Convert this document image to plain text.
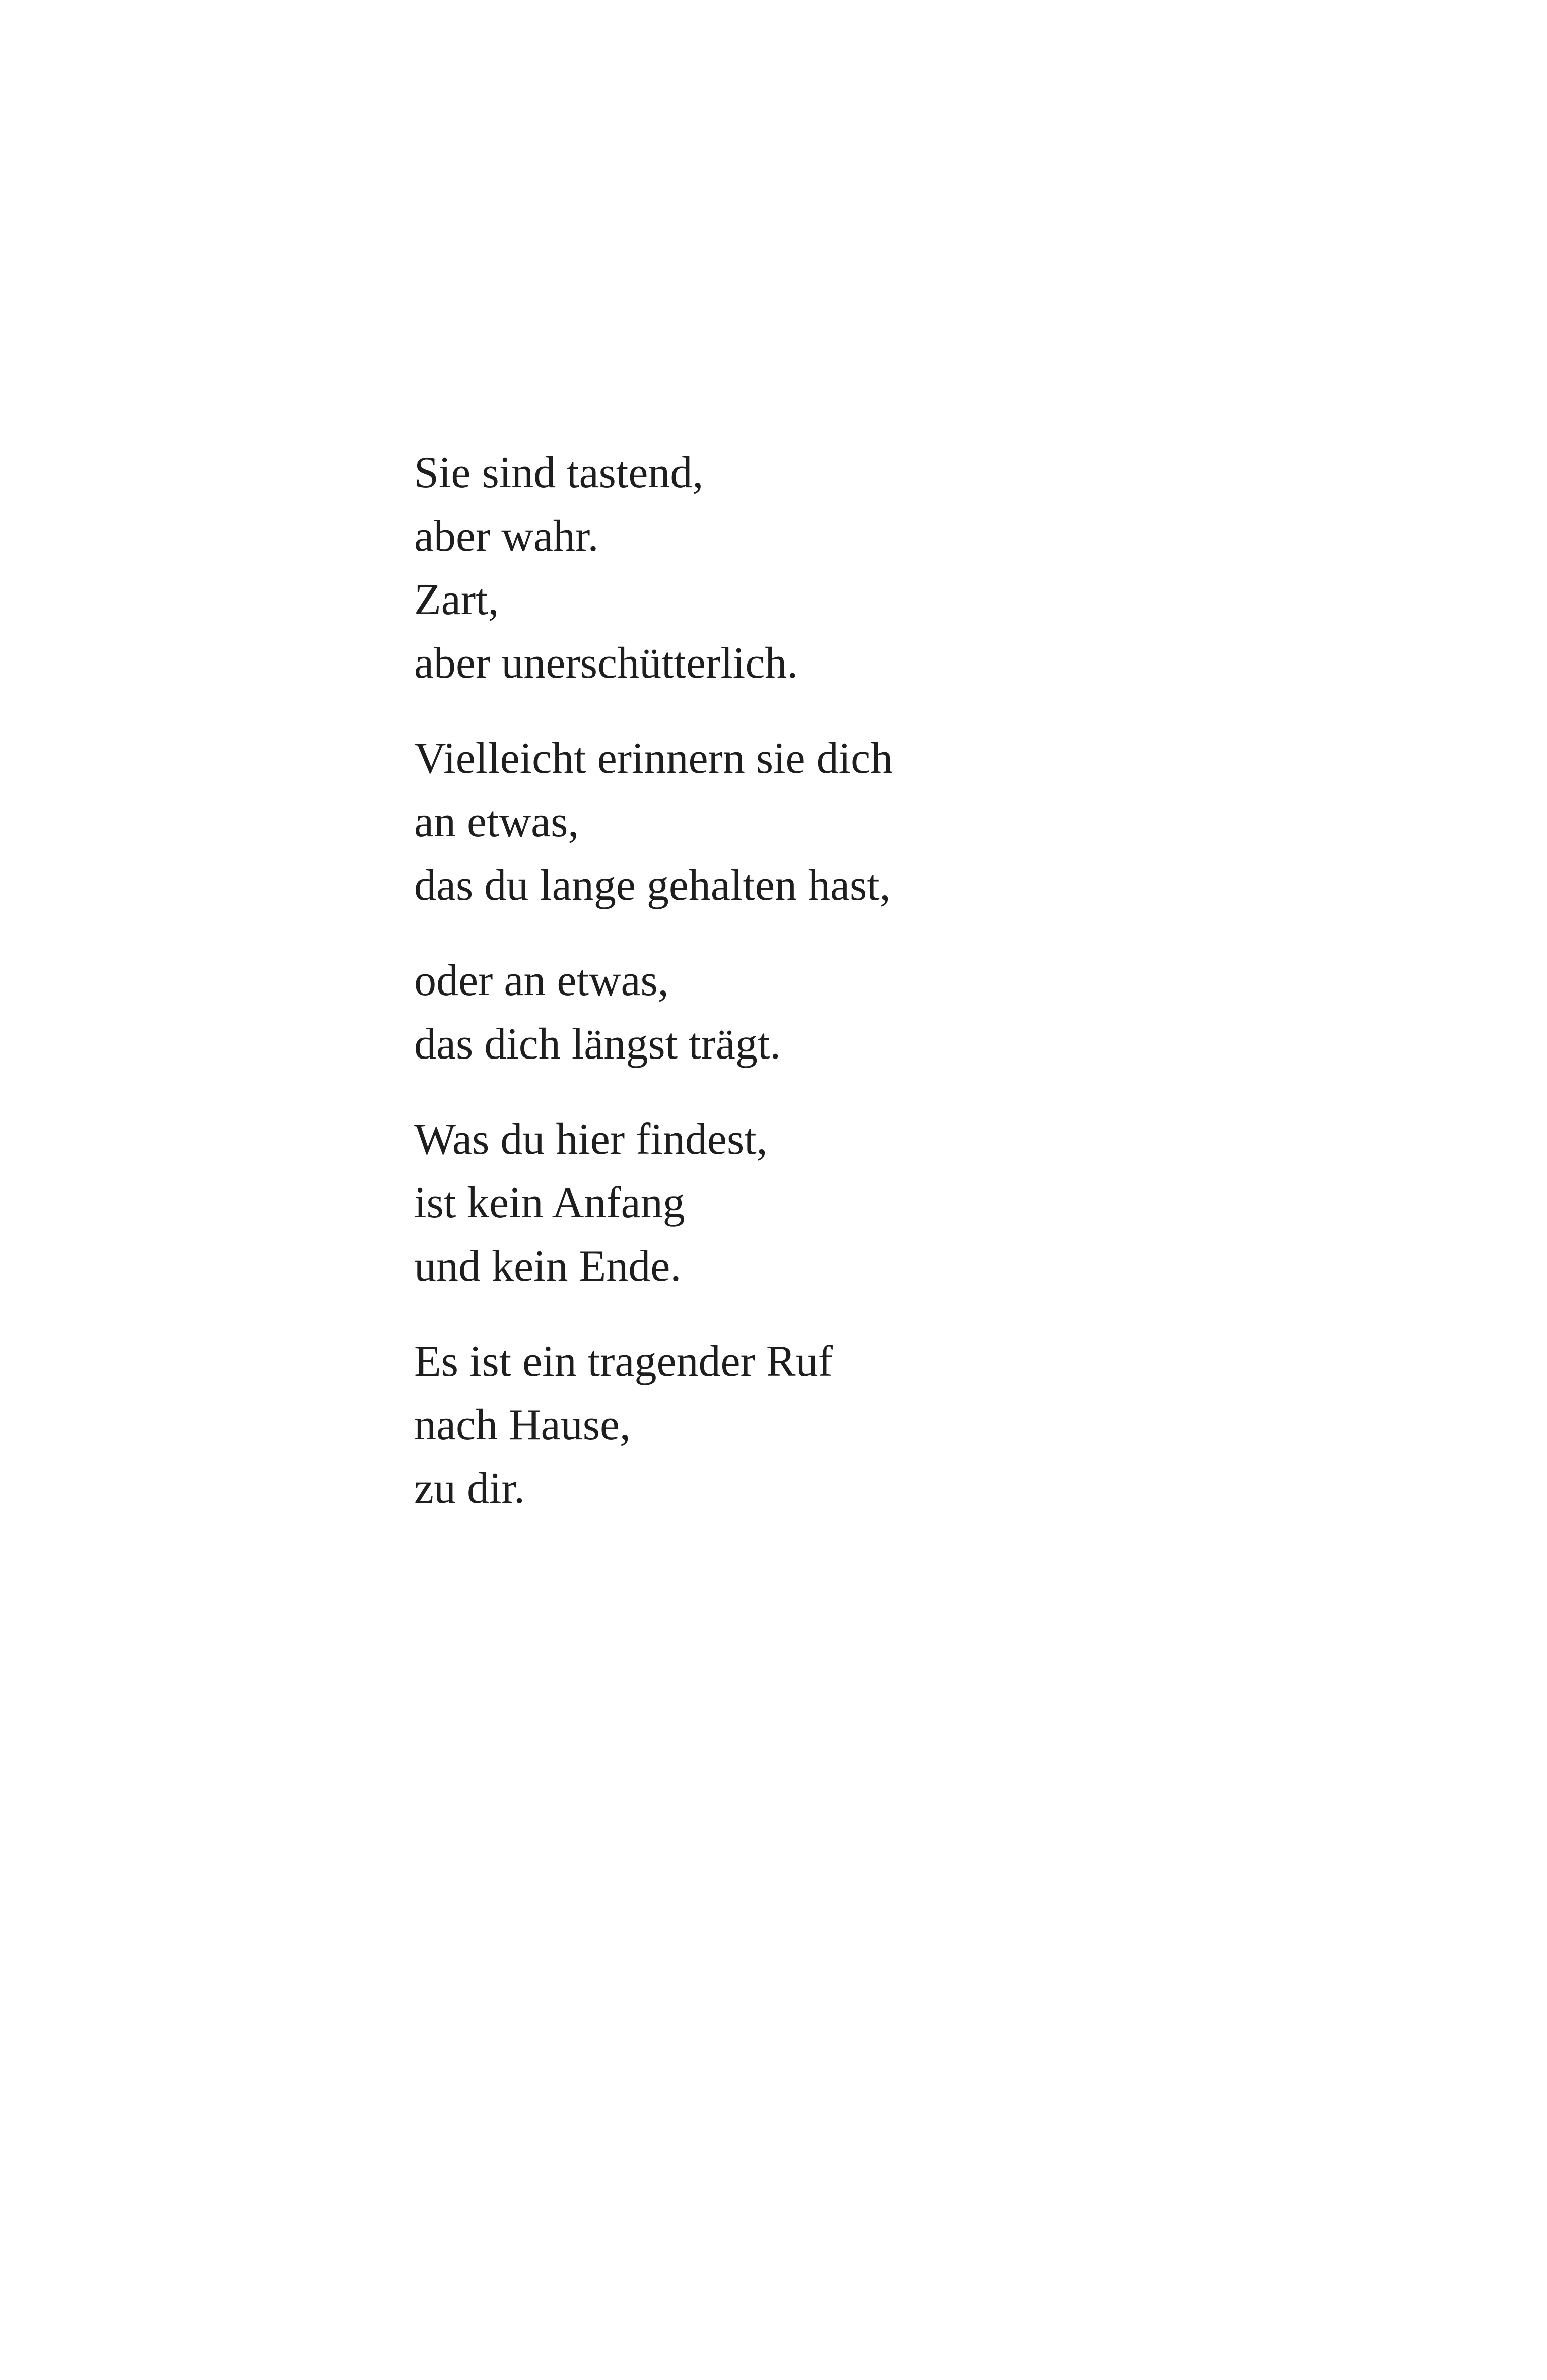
Sie sind tastend,
aber wahr.
Zart,
aber unerschütterlich.
Vielleicht erinnern sie dich
an etwas,
das du lange gehalten hast,
oder an etwas,
das dich längst trägt.
Was du hier findest,
ist kein Anfang
und kein Ende.
Es ist ein tragender Ruf
nach Hause,
zu dir.
